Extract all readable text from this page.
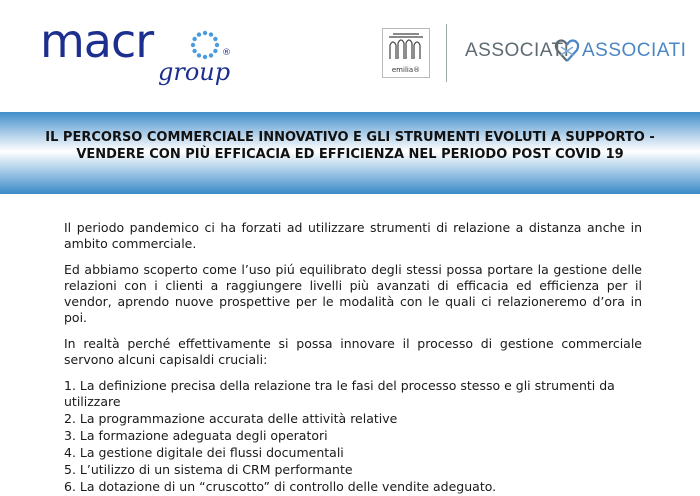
macr	®
group	emilia®
ASSOCIATI ASSOCIATI
IL PERCORSO COMMERCIALE INNOVATIVO E GLI STRUMENTI EVOLUTI A SUPPORTO - VENDERE CON PIÙ EFFICACIA ED EFFICIENZA NEL PERIODO POST COVID 19

Il periodo pandemico ci ha forzati ad utilizzare strumenti di relazione a distanza anche in ambito commerciale.

Ed abbiamo scoperto come l’uso piú equilibrato degli stessi possa portare la gestione delle relazioni con i clienti a raggiungere livelli più avanzati di efficacia ed efficienza per il vendor, aprendo nuove prospettive per le modalità con le quali ci relazioneremo d’ora in poi.

In realtà perché effettivamente si possa innovare il processo di gestione commerciale servono alcuni capisaldi cruciali:

1. La definizione precisa della relazione tra le fasi del processo stesso e gli strumenti da utilizzare
2. La programmazione accurata delle attività relative
3. La formazione adeguata degli operatori
4. La gestione digitale dei flussi documentali
5. L’utilizzo di un sistema di CRM performante
6. La dotazione di un “cruscotto” di controllo delle vendite adeguato.
